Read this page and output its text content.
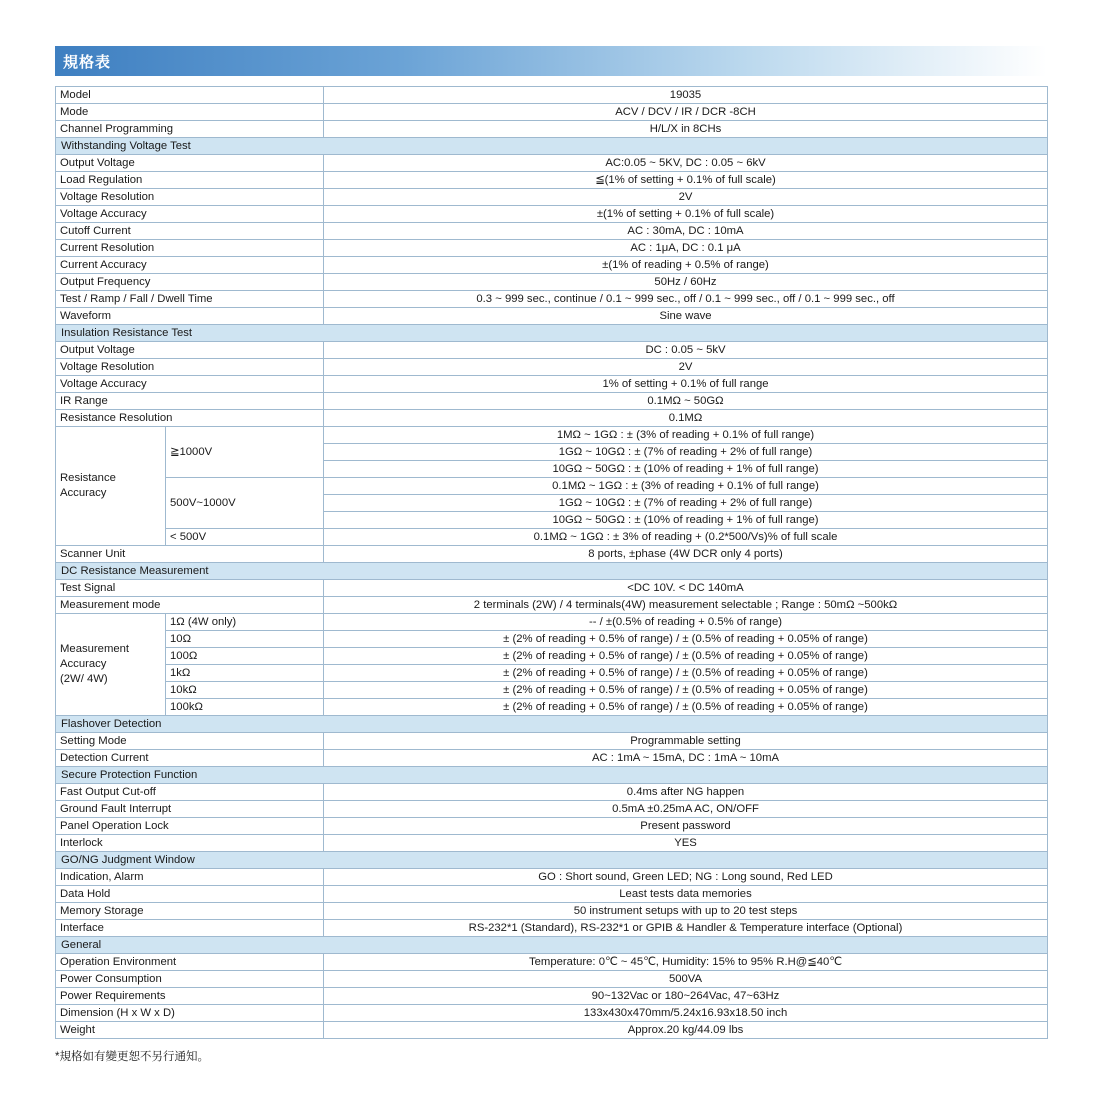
規格表
Model		19035
Mode		ACV / DCV / IR / DCR -8CH
Channel Programming		H/L/X in 8CHs
Withstanding Voltage Test		
Output Voltage		AC:0.05 ~ 5KV, DC : 0.05 ~ 6kV
Load Regulation		≦(1% of setting + 0.1% of full scale)
Voltage Resolution		2V
Voltage Accuracy		±(1% of setting + 0.1% of full scale)
Cutoff Current		AC : 30mA, DC : 10mA
Current Resolution		AC : 1μA, DC : 0.1 μA
Current Accuracy		±(1% of reading + 0.5% of range)
Output Frequency		50Hz / 60Hz
Test / Ramp / Fall / Dwell Time		0.3 ~ 999 sec., continue / 0.1 ~ 999 sec., off / 0.1 ~ 999 sec., off / 0.1 ~ 999 sec., off
Waveform		Sine wave
Insulation Resistance Test		
Output Voltage		DC : 0.05 ~ 5kV
Voltage Resolution		2V
Voltage Accuracy		1% of setting + 0.1% of full range
IR Range		0.1MΩ ~ 50GΩ
Resistance Resolution		0.1MΩ
Resistance
Accuracy	≧1000V	1MΩ ~ 1GΩ : ± (3% of reading + 0.1% of full range)
		1GΩ ~ 10GΩ : ± (7% of reading + 2% of full range)
		10GΩ ~ 50GΩ : ± (10% of reading + 1% of full range)
	500V~1000V	0.1MΩ ~ 1GΩ : ± (3% of reading + 0.1% of full range)
		1GΩ ~ 10GΩ : ± (7% of reading + 2% of full range)
		10GΩ ~ 50GΩ : ± (10% of reading + 1% of full range)
	< 500V	0.1MΩ ~ 1GΩ : ± 3% of reading + (0.2*500/Vs)% of full scale
Scanner Unit		8 ports, ±phase (4W DCR only 4 ports)
DC Resistance Measurement		
Test Signal		<DC 10V. < DC 140mA
Measurement mode		2 terminals (2W) / 4 terminals(4W) measurement selectable ; Range : 50mΩ ~500kΩ
Measurement
Accuracy
(2W/ 4W)	1Ω (4W only)	-- / ±(0.5% of reading + 0.5% of range)
	10Ω	± (2% of reading + 0.5% of range) / ± (0.5% of reading + 0.05% of range)
	100Ω	± (2% of reading + 0.5% of range) / ± (0.5% of reading + 0.05% of range)
	1kΩ	± (2% of reading + 0.5% of range) / ± (0.5% of reading + 0.05% of range)
	10kΩ	± (2% of reading + 0.5% of range) / ± (0.5% of reading + 0.05% of range)
	100kΩ	± (2% of reading + 0.5% of range) / ± (0.5% of reading + 0.05% of range)
Flashover Detection		
Setting Mode		Programmable setting
Detection Current		AC : 1mA ~ 15mA, DC : 1mA ~ 10mA
Secure Protection Function		
Fast Output Cut-off		0.4ms after NG happen
Ground Fault Interrupt		0.5mA ±0.25mA AC, ON/OFF
Panel Operation Lock		Present password
Interlock		YES
GO/NG Judgment Window		
Indication, Alarm		GO : Short sound, Green LED; NG : Long sound, Red LED
Data Hold		Least tests data memories
Memory Storage		50 instrument setups with up to 20 test steps
Interface		RS-232*1 (Standard), RS-232*1 or GPIB & Handler & Temperature interface (Optional)
General		
Operation Environment		Temperature: 0℃ ~ 45℃, Humidity: 15% to 95% R.H@≦40℃
Power Consumption		500VA
Power Requirements		90~132Vac or 180~264Vac, 47~63Hz
Dimension (H x W x D)		133x430x470mm/5.24x16.93x18.50 inch
Weight		Approx.20 kg/44.09 lbs
*規格如有變更恕不另行通知。
